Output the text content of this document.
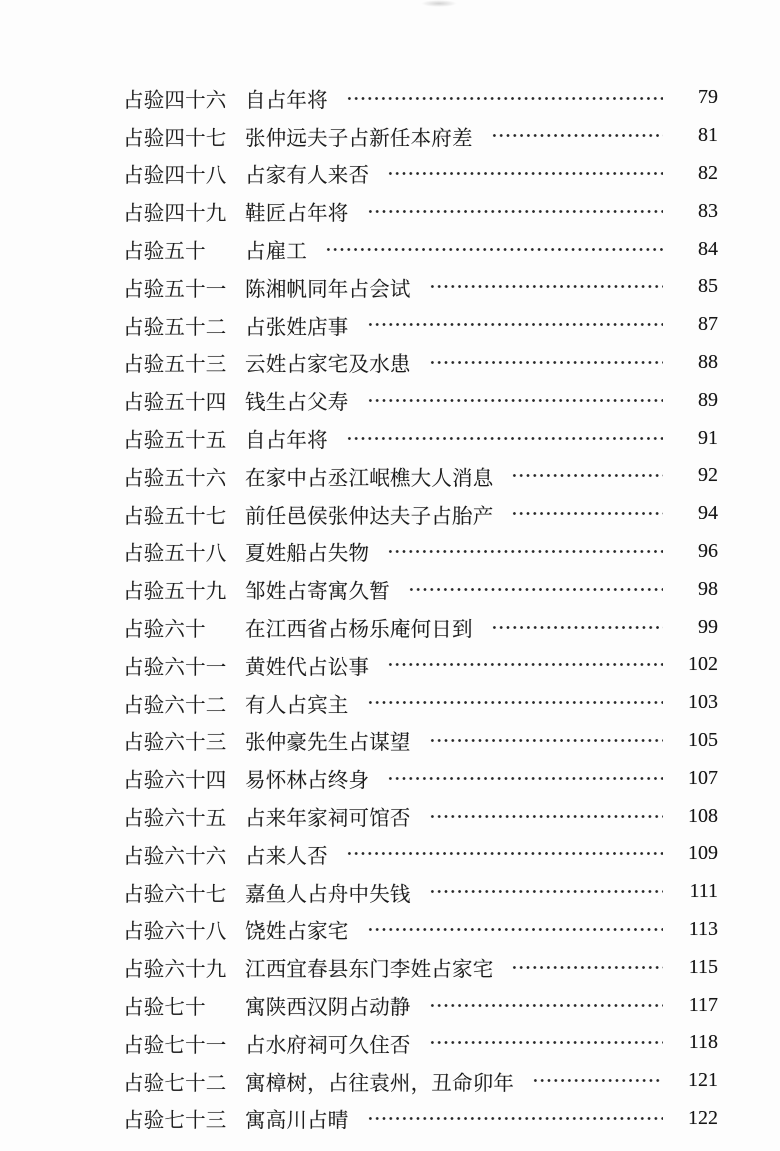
占验四十六 自占年将	79
占验四十七 张仲远夫子占新任本府差	81
占验四十八 占家有人来否	82
占验四十九 鞋匠占年将	83
占验五十	占雇工	84
占验五十一 陈湘帆同年占会试	85
占验五十二 占张姓店事	87
占验五十三 云姓占家宅及水患	88
占验五十四 钱生占父寿	89
占验五十五 自占年将	91
占验五十六 在家中占丞江岷樵大人消息	92
占验五十七 前任邑侯张仲达夫子占胎产	94
占验五十八 夏姓船占失物	96
占验五十九 邹姓占寄寓久暂	98
占验六十	在江西省占杨乐庵何日到	99
占验六十一 黄姓代占讼事	102
占验六十二 有人占宾主	103
占验六十三 张仲豪先生占谋望	105
占验六十四 易怀林占终身	107
占验六十五 占来年家祠可馆否	108
占验六十六 占来人否	109
占验六十七 嘉鱼人占舟中失钱	111
占验六十八 饶姓占家宅	113
占验六十九 江西宜春县东门李姓占家宅	115
占验七十	寓陕西汉阴占动静	117
占验七十一 占水府祠可久住否	118
占验七十二 寓樟树，占往袁州，丑命卯年	121
占验七十三 寓高川占晴	122
